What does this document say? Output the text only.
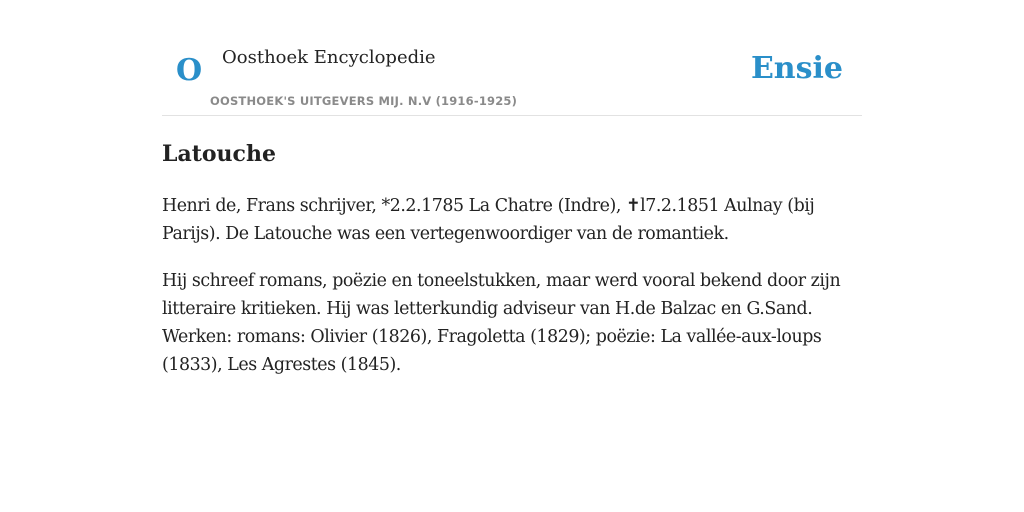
O Oosthoek Encyclopedie
OOSTHOEK'S UITGEVERS MIJ. N.V (1916-1925)
Ensie
Latouche

Henri de, Frans schrijver, *2.2.1785 La Chatre (Indre), ✝l7.2.1851 Aulnay (bij Parijs). De Latouche was een vertegenwoordiger van de romantiek.

Hij schreef romans, poëzie en toneelstukken, maar werd vooral bekend door zijn litteraire kritieken. Hij was letterkundig adviseur van H.de Balzac en G.Sand. Werken: romans: Olivier (1826), Fragoletta (1829); poëzie: La vallée-aux-loups (1833), Les Agrestes (1845).
